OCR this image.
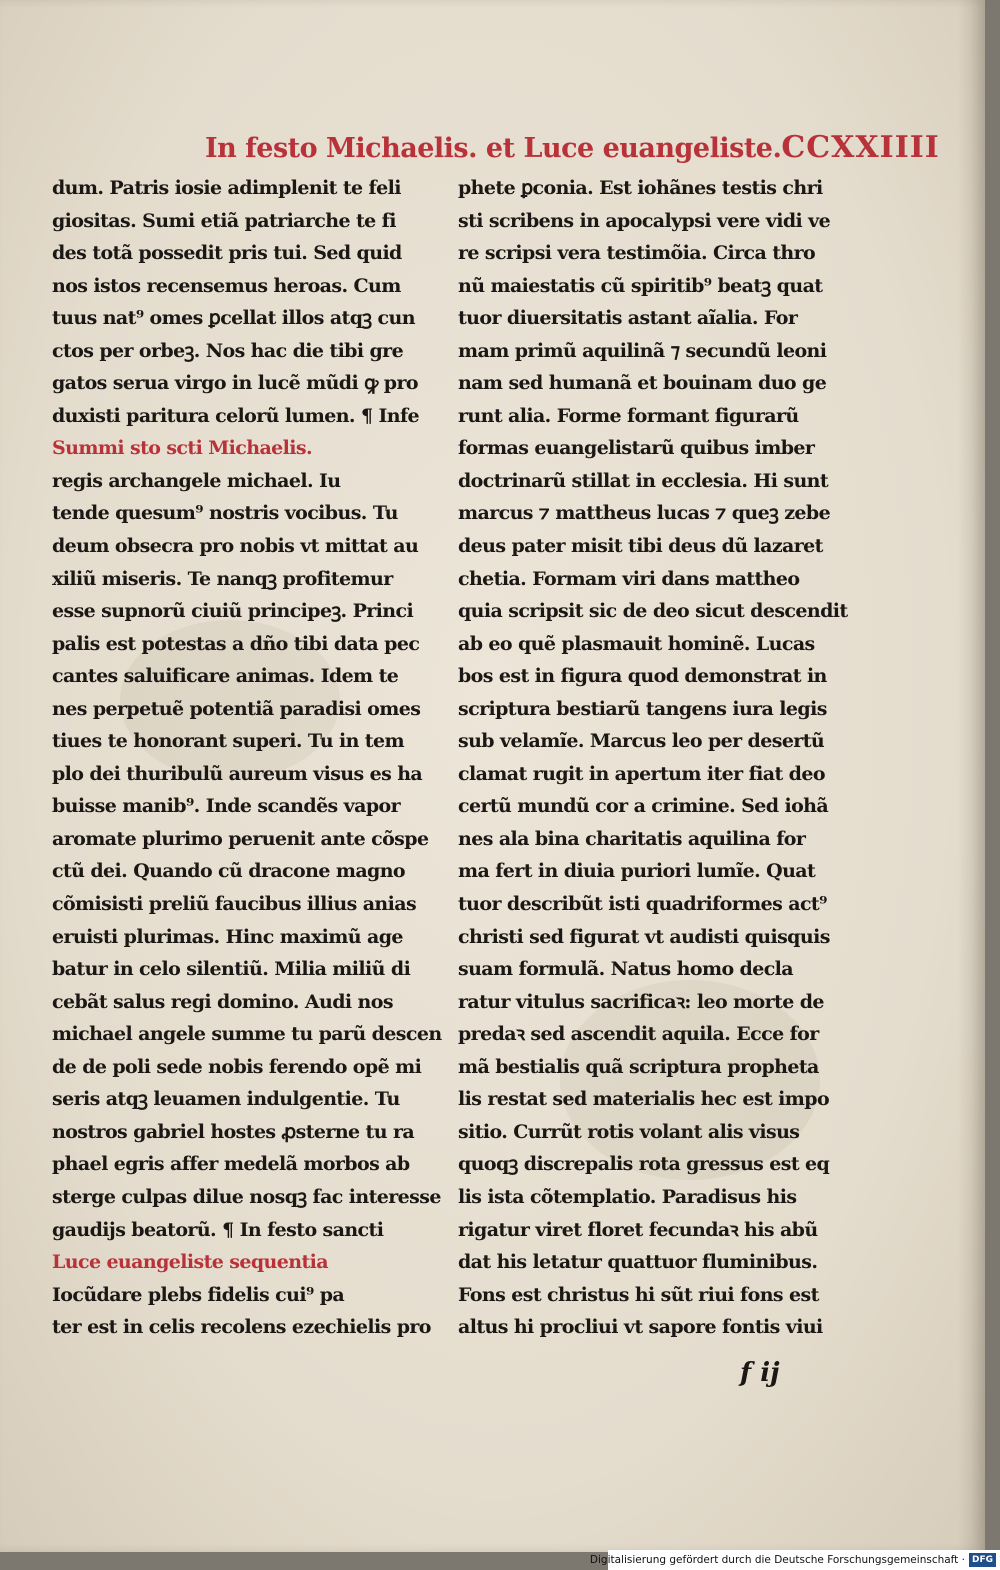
In festo Michaelis. et Luce euangeliste. CCXXIIII
dum. Patris iosie adimplenit te feli
giositas. Sumi etiã patriarche te fi
des totã possedit pris tui. Sed quid
nos istos recensemus heroas. Cum
tuus nat⁹ omes ꝑcellat illos atqꝫ cun
ctos per orbeꝫ. Nos hac die tibi gre
gatos serua virgo in lucẽ mũdi ꝙ pro
duxisti paritura celorũ lumen. ¶ Infe
Summi sto scti Michaelis.
regis archangele michael. Iu
tende quesum⁹ nostris vocibus. Tu
deum obsecra pro nobis vt mittat au
xiliũ miseris. Te nanqꝫ profitemur
esse supnorũ ciuiũ principeꝫ. Princi
palis est potestas a dño tibi data pec
cantes saluificare animas. Idem te
nes perpetuẽ potentiã paradisi omes
tiues te honorant superi. Tu in tem
plo dei thuribulũ aureum visus es ha
buisse manib⁹. Inde scandẽs vapor
aromate plurimo peruenit ante cõspe
ctũ dei. Quando cũ dracone magno
cõmisisti preliũ faucibus illius anias
eruisti plurimas. Hinc maximũ age
batur in celo silentiũ. Milia miliũ di
cebãt salus regi domino. Audi nos
michael angele summe tu parũ descen
de de poli sede nobis ferendo opẽ mi
seris atqꝫ leuamen indulgentie. Tu
nostros gabriel hostes ꝓsterne tu ra
phael egris affer medelã morbos ab
sterge culpas dilue nosqꝫ fac interesse
gaudijs beatorũ. ¶ In festo sancti
Luce euangeliste sequentia
Iocũdare plebs fidelis cui⁹ pa
ter est in celis recolens ezechielis pro
phete ꝑconia. Est iohãnes testis chri
sti scribens in apocalypsi vere vidi ve
re scripsi vera testimõia. Circa thro
nũ maiestatis cũ spiritib⁹ beatꝫ quat
tuor diuersitatis astant aĩalia. For
mam primũ aquilinã ⁊ secundũ leoni
nam sed humanã et bouinam duo ge
runt alia. Forme formant figurarũ
formas euangelistarũ quibus imber
doctrinarũ stillat in ecclesia. Hi sunt
marcus ⁊ mattheus lucas ⁊ queꝫ zebe
deus pater misit tibi deus dũ lazaret
chetia. Formam viri dans mattheo
quia scripsit sic de deo sicut descendit
ab eo quẽ plasmauit hominẽ. Lucas
bos est in figura quod demonstrat in
scriptura bestiarũ tangens iura legis
sub velamĩe. Marcus leo per desertũ
clamat rugit in apertum iter fiat deo
certũ mundũ cor a crimine. Sed iohã
nes ala bina charitatis aquilina for
ma fert in diuia puriori lumĩe. Quat
tuor describũt isti quadriformes act⁹
christi sed figurat vt audisti quisquis
suam formulã. Natus homo decla
ratur vitulus sacrificaꝛ: leo morte de
predaꝛ sed ascendit aquila. Ecce for
mã bestialis quã scriptura propheta
lis restat sed materialis hec est impo
sitio. Currũt rotis volant alis visus
quoqꝫ discrepalis rota gressus est eq
lis ista cõtemplatio. Paradisus his
rigatur viret floret fecundaꝛ his abũ
dat his letatur quattuor fluminibus.
Fons est christus hi sũt riui fons est
altus hi procliui vt sapore fontis viui
f ij
Digitalisierung gefördert durch die Deutsche Forschungsgemeinschaft · DFG
